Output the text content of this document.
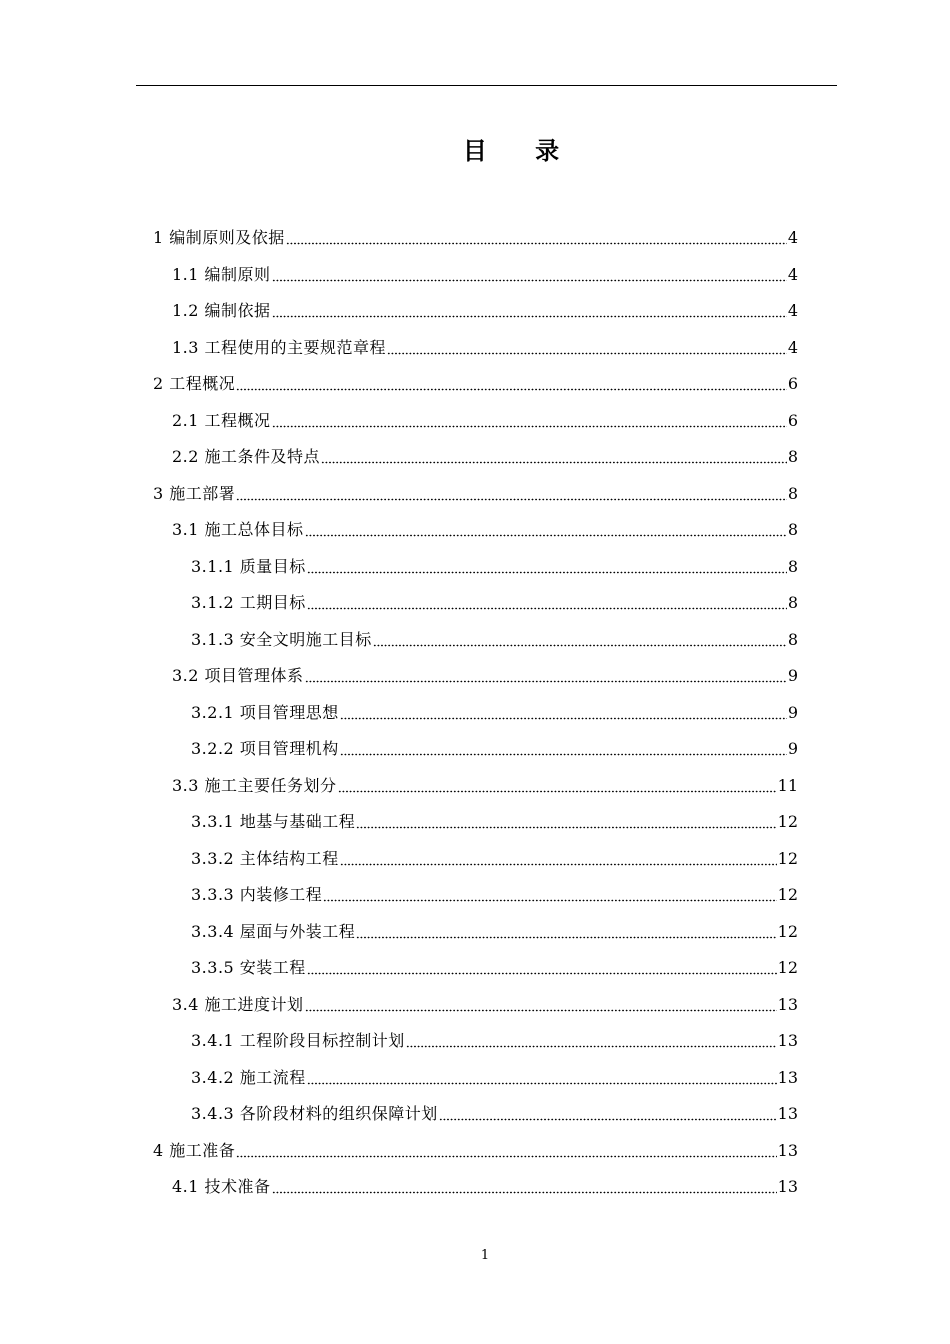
目 录
1 编制原则及依据	4
1.1 编制原则	4
1.2 编制依据	4
1.3 工程使用的主要规范章程	4
2 工程概况	6
2.1 工程概况	6
2.2 施工条件及特点	8
3 施工部署	8
3.1 施工总体目标	8
3.1.1 质量目标	8
3.1.2 工期目标	8
3.1.3 安全文明施工目标	8
3.2 项目管理体系	9
3.2.1 项目管理思想	9
3.2.2 项目管理机构	9
3.3 施工主要任务划分	11
3.3.1 地基与基础工程	12
3.3.2 主体结构工程	12
3.3.3 内装修工程	12
3.3.4 屋面与外装工程	12
3.3.5 安装工程	12
3.4 施工进度计划	13
3.4.1 工程阶段目标控制计划	13
3.4.2 施工流程	13
3.4.3 各阶段材料的组织保障计划	13
4 施工准备	13
4.1 技术准备	13
1
